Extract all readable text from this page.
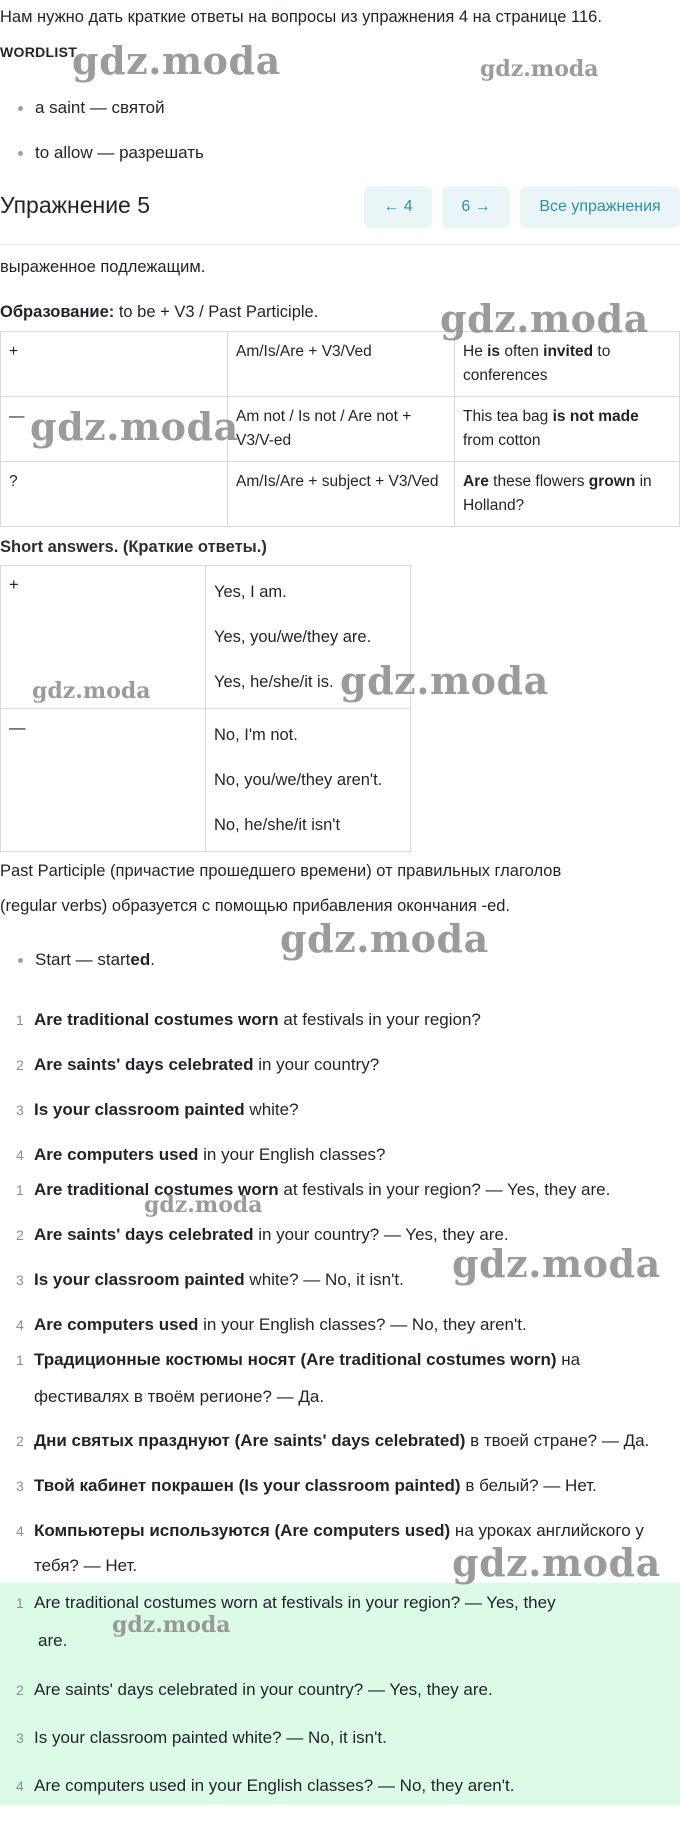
Нам нужно дать краткие ответы на вопросы из упражнения 4 на странице 116.
WORDLIST
a saint — святой
to allow — разрешать
Упражнение 5	← 4	6 →	Все упражнения
выраженное подлежащим.
Образование: to be + V3 / Past Participle.
+	Am/Is/Are + V3/Ved	He is often invited to conferences
—	Am not / Is not / Are not + V3/V-ed	This tea bag is not made from cotton
?	Am/Is/Are + subject + V3/Ved	Are these flowers grown in Holland?
Short answers. (Краткие ответы.)
+	Yes, I am.
Yes, you/we/they are.
Yes, he/she/it is.

—	No, I'm not.
No, you/we/they aren't.
No, he/she/it isn't
Past Participle (причастие прошедшего времени) от правильных глаголов
(regular verbs) образуется с помощью прибавления окончания -ed.
Start — started.
1 Are traditional costumes worn at festivals in your region?
2 Are saints' days celebrated in your country?
3 Is your classroom painted white?
4 Are computers used in your English classes?
1 Are traditional costumes worn at festivals in your region? — Yes, they are.
2 Are saints' days celebrated in your country? — Yes, they are.
3 Is your classroom painted white? — No, it isn't.
4 Are computers used in your English classes? — No, they aren't.
1 Традиционные костюмы носят (Are traditional costumes worn) на
фестивалях в твоём регионе? — Да.
2 Дни святых празднуют (Are saints' days celebrated) в твоей стране? — Да.
3 Твой кабинет покрашен (Is your classroom painted) в белый? — Нет.
4 Компьютеры используются (Are computers used) на уроках английского у
тебя? — Нет.
1 Are traditional costumes worn at festivals in your region? — Yes, they
are.
2 Are saints' days celebrated in your country? — Yes, they are.
3 Is your classroom painted white? — No, it isn't.
4 Are computers used in your English classes? — No, they aren't.
gdz.moda	gdz.moda
gdz.moda
gdz.moda
gdz.moda	gdz.moda
gdz.moda
gdz.moda
gdz.moda
gdz.moda
gdz.moda
